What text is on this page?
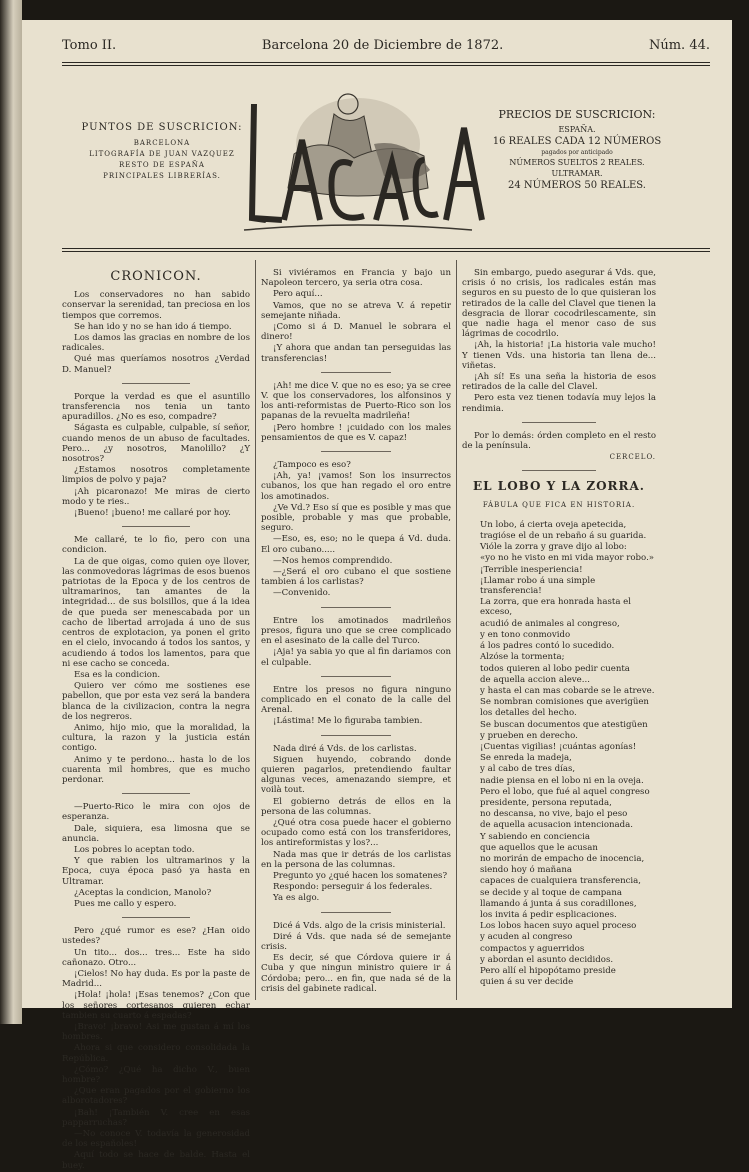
Tomo II.	Barcelona 20 de Diciembre de 1872.	Núm. 44.
PUNTOS DE SUSCRICION:
BARCELONA
LITOGRAFÍA DE JUAN VAZQUEZ
RESTO DE ESPAÑA
PRINCIPALES LIBRERÍAS.
LA CAMPANA
PRECIOS DE SUSCRICION:
ESPAÑA.
16 REALES CADA 12 NÚMEROS
pagados por anticipado
NÚMEROS SUELTOS 2 REALES.
ULTRAMAR.
24 NÚMEROS 50 REALES.
CRONICON.

Los conservadores no han sabido conservar la serenidad, tan preciosa en los tiempos que corremos.

Se han ido y no se han ido á tiempo.

Los damos las gracias en nombre de los radicales.

Qué mas queríamos nosotros ¿Verdad D. Manuel?

Porque la verdad es que el asuntillo transferencia nos tenia un tanto apuradillos. ¿No es eso, compadre?

Ságasta es culpable, culpable, sí señor, cuando menos de un abuso de facultades. Pero... ¿y nosotros, Manolillo? ¿Y nosotros?

¿Estamos nosotros completamente limpios de polvo y paja?

¡Ah picaronazo! Me miras de cierto modo y te ries..

¡Bueno! ¡bueno! me callaré por hoy.

Me callaré, te lo fio, pero con una condicion.

La de que oigas, como quien oye llover, las conmovedoras lágrimas de esos buenos patriotas de la Epoca y de los centros de ultramarinos, tan amantes de la integridad... de sus bolsillos, que á la idea de que pueda ser menescabada por un cacho de libertad arrojada á uno de sus centros de explotacion, ya ponen el grito en el cielo, invocando á todos los santos, y acudiendo á todos los lamentos, para que ni ese cacho se conceda.

Esa es la condicion.

Quiero ver cómo me sostienes ese pabellon, que por esta vez será la bandera blanca de la civilizacion, contra la negra de los negreros.

Animo, hijo mio, que la moralidad, la cultura, la razon y la justicia están contigo.

Animo y te perdono... hasta lo de los cuarenta mil hombres, que es mucho perdonar.

—Puerto-Rico le mira con ojos de esperanza.

Dale, siquiera, esa limosna que se anuncia.

Los pobres lo aceptan todo.

Y que rabien los ultramarinos y la Epoca, cuya época pasó ya hasta en Ultramar.

¿Aceptas la condicion, Manolo?

Pues me callo y espero.

Pero ¿qué rumor es ese? ¿Han oido ustedes?

Un tito... dos... tres... Este ha sido cañonazo. Otro...

¡Cielos! No hay duda. Es por la paste de Madrid...

¡Hola! ¡hola! ¡Esas tenemos? ¿Con que los señores cortesanos quieren echar tambien su cuarto á espadas?

¡Bravo! ¡bravo! Asi me gustan á mí los hombres.

Ahora si que considero consolidada la República.

¿Cómo? ¿Qué ha dicho V., buen hombre?

¿Que eran pagados por el gobierno los alborotadores?

¡Bah! ¡También V. cree en esas papparruchas?

—No conoce V. todavía la generosidad de los españoles!

Aquí todo se hace de balde. Hasta el buey.

Si viviéramos en Francia y bajo un Napoleon tercero, ya seria otra cosa.

Pero aquí...

Vamos, que no se atreva V. á repetir semejante niñada.

¡Como si á D. Manuel le sobrara el dinero!

¡Y ahora que andan tan perseguidas las transferencias!

¡Ah! me dice V. que no es eso; ya se cree V. que los conservadores, los alfonsinos y los anti-reformistas de Puerto-Rico son los papanas de la revuelta madrileña!

¡Pero hombre ! ¡cuidado con los males pensamientos de que es V. capaz!

¿Tampoco es eso?

¡Ah, ya! ¡vamos! Son los insurrectos cubanos, los que han regado el oro entre los amotinados.

¿Ve Vd.? Eso sí que es posible y mas que posible, probable y mas que probable, seguro.

—Eso, es, eso; no le quepa á Vd. duda. El oro cubano.....

—Nos hemos comprendido.

—¿Será el oro cubano el que sostiene tambien á los carlistas?

—Convenido.

Entre los amotinados madrileños presos, figura uno que se cree complicado en el asesinato de la calle del Turco.

¡Aja! ya sabia yo que al fin dariamos con el culpable.

Entre los presos no figura ninguno complicado en el conato de la calle del Arenal.

¡Lástima! Me lo figuraba tambien.

Nada diré á Vds. de los carlistas.

Siguen huyendo, cobrando donde quieren pagarlos, pretendiendo faultar algunas veces, amenazando siempre, et voilà tout.

El gobierno detrás de ellos en la persona de las columnas.

¿Qué otra cosa puede hacer el gobierno ocupado como está con los transferidores, los antireformistas y los?...

Nada mas que ir detrás de los carlistas en la persona de las columnas.

Pregunto yo ¿qué hacen los somatenes?

Respondo: perseguir á los federales.

Ya es algo.

Dicé á Vds. algo de la crisis ministerial.

Diré á Vds. que nada sé de semejante crisis.

Es decir, sé que Córdova quiere ir á Cuba y que ningun ministro quiere ir á Córdoba; pero... en fin, que nada sé de la crisis del gabinete radical.

Sin embargo, puedo asegurar á Vds. que, crisis ó no crisis, los radicales están mas seguros en su puesto de lo que quisieran los retirados de la calle del Clavel que tienen la desgracia de llorar cocodrilescamente, sin que nadie haga el menor caso de sus lágrimas de cocodrilo.

¡Ah, la historia! ¡La historia vale mucho! Y tienen Vds. una historia tan llena de... viñetas.

¡Ah sí! Es una seña la historia de esos retirados de la calle del Clavel.

Pero esta vez tienen todavía muy lejos la rendimia.

Por lo demás: órden completo en el resto de la península.

CERCELO.

EL LOBO Y LA ZORRA.
FÁBULA QUE FICA EN HISTORIA.

Un lobo, á cierta oveja apetecida,

tragióse el de un rebaño á su guarida.

Vióle la zorra y grave dijo al lobo:

«yo no he visto en mi vida mayor robo.»

¡Terrible inesperiencia!

¡Llamar robo á una simple transferencia!

La zorra, que era honrada hasta el exceso,

acudió de animales al congreso,

y en tono conmovido

á los padres contó lo sucedido.

Alzóse la tormenta;

todos quieren al lobo pedir cuenta

de aquella accion aleve...

y hasta el can mas cobarde se le atreve.

Se nombran comisiones que averigüen

los detalles del hecho.

Se buscan documentos que atestigüen

y prueben en derecho.

¡Cuentas vigilias! ¡cuántas agonías!

Se enreda la madeja,

y al cabo de tres días,

nadie piensa en el lobo ni en la oveja.

Pero el lobo, que fué al aquel congreso

presidente, persona reputada,

no descansa, no vive, bajo el peso

de aquella acusacion intencionada.

Y sabiendo en conciencia

que aquellos que le acusan

no morirán de empacho de inocencia,

siendo hoy ó mañana

capaces de cualquiera transferencia,

se decide y al toque de campana

llamando á junta á sus coradillones,

los invita á pedir esplicaciones.

Los lobos hacen suyo aquel proceso

y acuden al congreso

compactos y aguerridos

y abordan el asunto decididos.

Pero allí el hipopótamo preside

quien á su ver decide
